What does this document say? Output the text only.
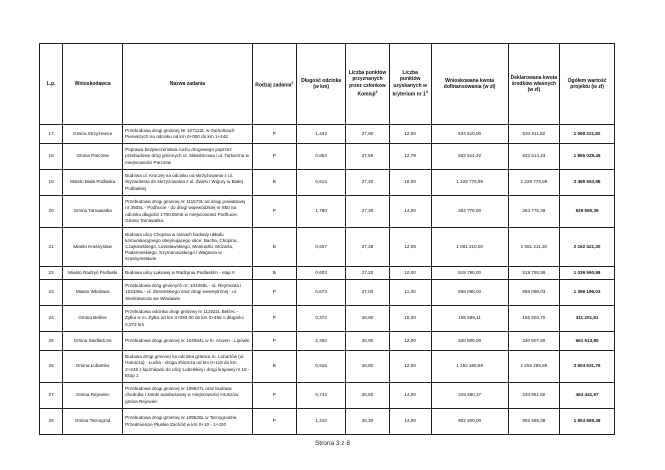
L.p.	Wnioskodawca	Nazwa zadania	Rodzaj zadania$^2$	Długość odcinka (w km)	Liczba punktów przyznanych przez członków Komisji$^3$	Liczba punktów uzyskanych w kryterium nr $1^4$	Wnioskowana kwota dofinansowania (w zł)	Deklarowana kwota środków własnych (w zł)	Ogółem wartość projektu (w zł)
17	Gmina Strzyżewice	Przebudowa drogi gminnej Nr 107122L w Osmolicach Pierwszych na odcinku od km 0+000 do km 1+442	P	1,442	27,90	12,00	534 610,00	534 611,82	1 069 221,82
18	Gmina Parczew	Poprawa bezpieczeństwa ruchu drogowego poprzez przebudowę dróg gminnych ul. Składnicowa i ul. Tartaczna w miejscowości Parczew	P	0,853	27,59	12,79	932 514,22	932 514,23	1 865 028,45
19	Miasto Biała Podlaska	Budowa ul. Kruczej na odcinku od skrzyżowania z ul. Wyzwolenia do skrzyżowania z ul. Żwirki i Wigury w Białej Podlaskiej	B	0,613	27,40	16,00	1 229 776,99	1 229 776,99	2 459 553,98
20	Gmina Tarnawatka	Przebudowa drogi gminnej nr 111573L od drogi powiatowej nr 3505L - Podhucie - do drogi wojewódzkiej nr 850 na odcinku długości 1780,00mb w miejscowości Podhucie, Gmina Tarnawatka	P	1,780	27,30	14,00	264 775,00	264 775,39	529 550,39
21	Miasto Krasnystaw	Budowa ulicy Chopina w ramach budowy układu komunikacyjnego obejmującego ulice: Bacha, Chopina, Czajkowskiego, Lutosławskiego, Moniuszki, Mozarta, Paderewskiego, Szymanowskiego i Wagnera w Krasnymstawie	B	0,607	27,28	12,08	1 081 210,00	1 081 211,30	2 162 421,30
22	Miasto Radzyń Podlaski	Budowa ulicy Łąkowej w Radzyniu Podlaskim - etap II	B	0,603	27,20	10,00	519 795,00	519 795,98	1 039 590,98
23	Miasto Włodawa	Przebudowa dróg gminnych nr: 104268L - ul. Reymonta i 104336L - ul. Żeromskiego oraz drogi wewnętrznej - ul. Sienkiewicza we Włodawie	P	0,673	27,03	11,00	698 098,00	698 098,03	1 396 196,03
24	Gmina Bełżec	Przebudowa odcinka drogi gminnej nr 111922L Bełżec - Żyłka w m. Żyłka od km 3+093,00 do km 3+465 o długości 0,372 km	P	0,372	26,90	15,00	155 598,11	155 603,70	311 201,81
25	Gmina Siedliszcze	Przebudowa drogi gminnej nr 104564L w m. Anusin - Lipówki	P	2,460	26,90	12,00	330 806,00	330 807,80	661 613,80
26	Gmina Lubartów	Budowa drogi gminnej na odcinku granica m. Lubartów (ul. Hutnicza) - Łucka - droga zbiorcza od km 0+115 do km 2+249 z łącznikami do ulicy Lubelskiej i drogi krajowej nr 19 - Etap 1	B	0,916	26,80	12,00	1 252 265,88	1 252 265,88	2 504 531,76
27	Gmina Rejowiec	Przebudowa drogi gminnej nr 109647L oraz budowa chodnika i zatoki autobusowej w miejscowości Hruszów gmina Rejowiec	P	0,742	26,50	14,00	229 480,37	234 961,60	464 441,97
28	Gmina Tarnogród	Przebudowa drogi gminnej nr 109526L w Tarnogrodzie, Przedmieście Płuskie Zachód w km 0+10 - 1+420	P	1,410	26,30	14,00	902 400,00	902 469,38	1 804 869,38
Strona 3 z 8
